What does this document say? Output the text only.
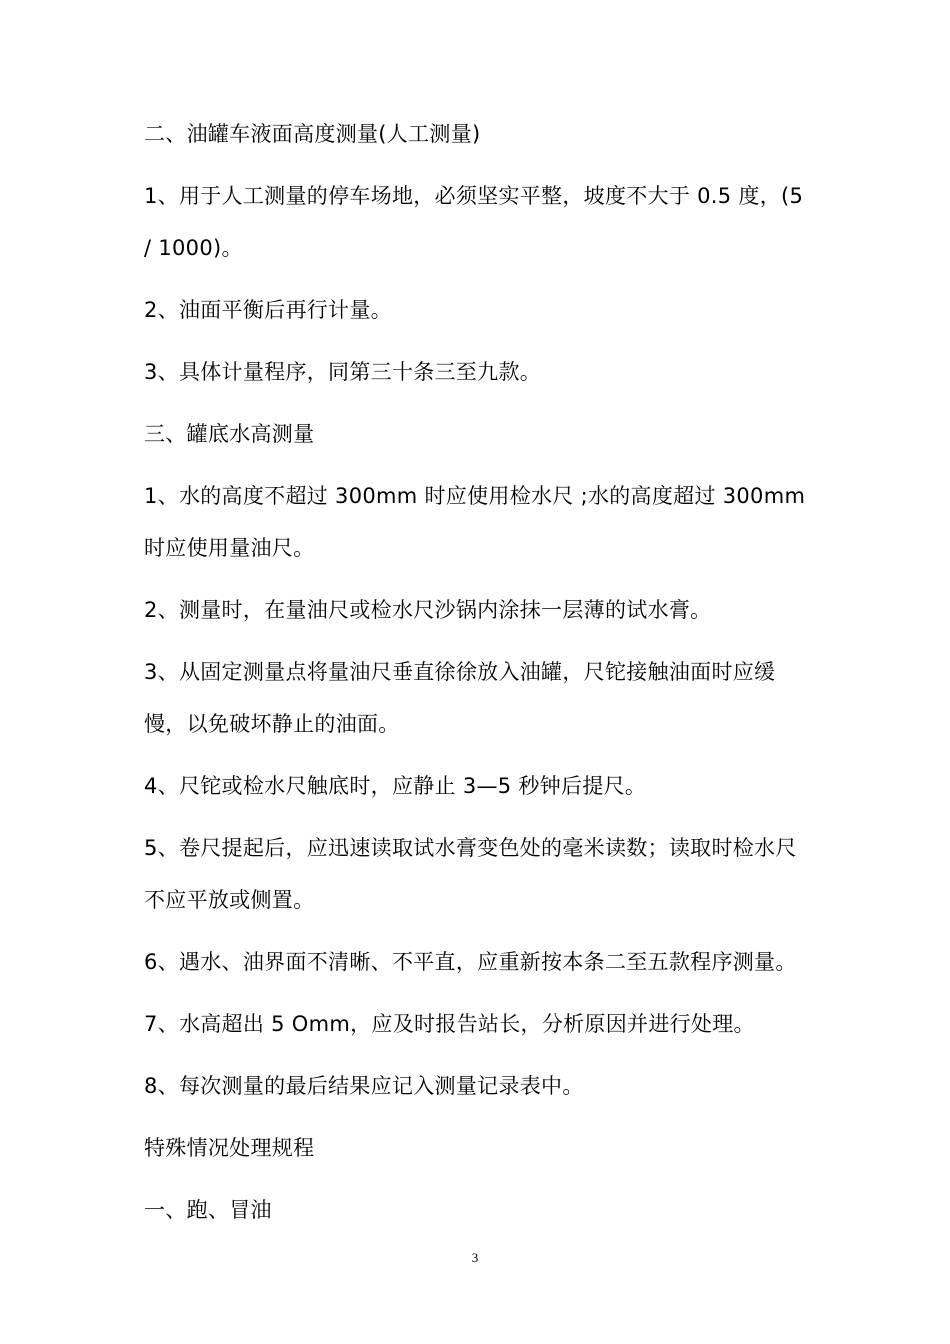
二、油罐车液面高度测量(人工测量)

1、用于人工测量的停车场地，必须坚实平整，坡度不大于 0.5 度，(5 / 1000)。

2、油面平衡后再行计量。

3、具体计量程序，同第三十条三至九款。

三、罐底水高测量

1、水的高度不超过 300mm 时应使用检水尺 ;水的高度超过 300mm 时应使用量油尺。

2、测量时，在量油尺或检水尺沙锅内涂抹一层薄的试水膏。

3、从固定测量点将量油尺垂直徐徐放入油罐，尺铊接触油面时应缓慢，以免破坏静止的油面。

4、尺铊或检水尺触底时，应静止 3—5 秒钟后提尺。

5、卷尺提起后，应迅速读取试水膏变色处的毫米读数；读取时检水尺不应平放或侧置。

6、遇水、油界面不清晰、不平直，应重新按本条二至五款程序测量。

7、水高超出 5 Omm，应及时报告站长，分析原因并进行处理。

8、每次测量的最后结果应记入测量记录表中。

特殊情况处理规程

一、跑、冒油

3
